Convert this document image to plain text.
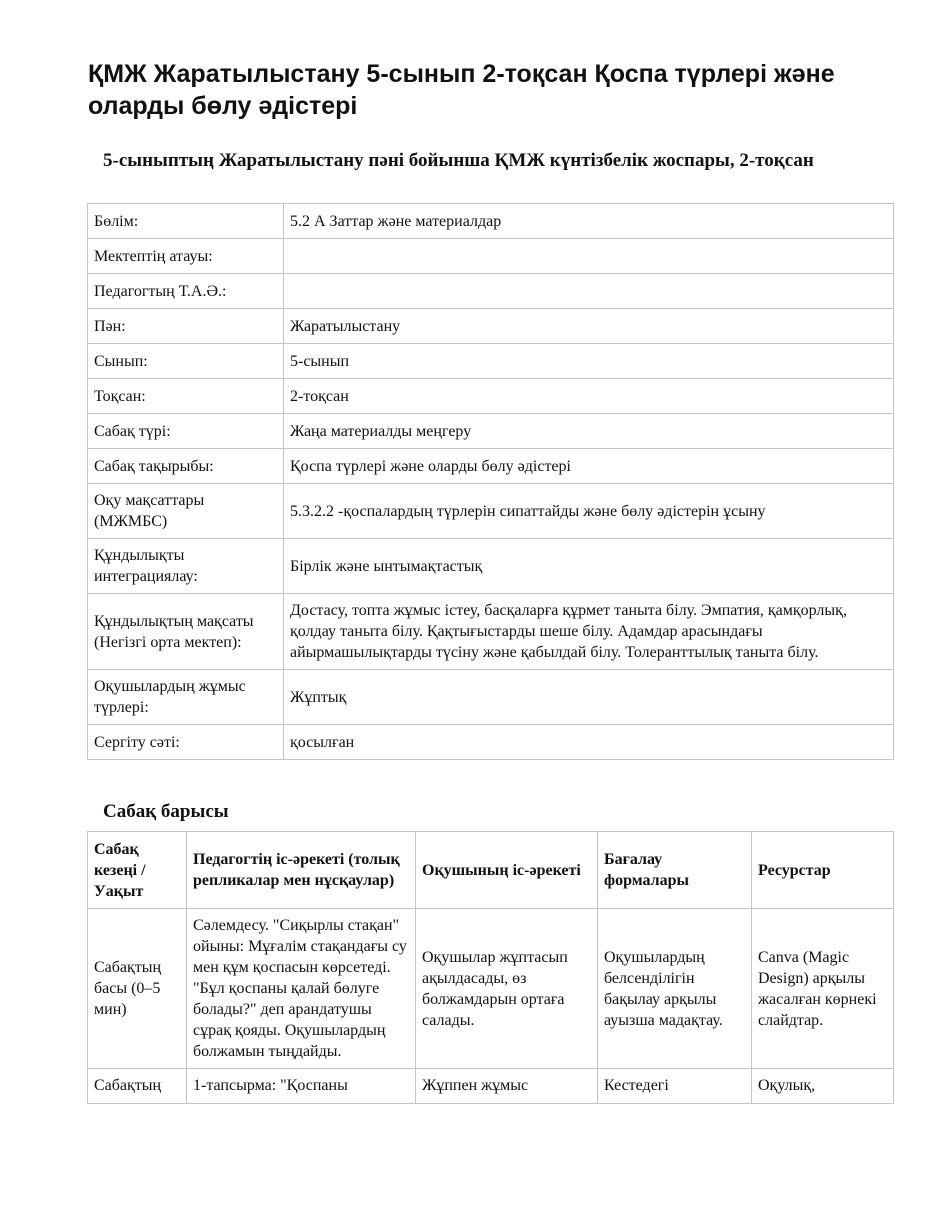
ҚМЖ Жаратылыстану 5-сынып 2-тоқсан Қоспа түрлері және оларды бөлу әдістері
5-сыныптың Жаратылыстану пәні бойынша ҚМЖ күнтізбелік жоспары, 2-тоқсан
Бөлім:	5.2 А Заттар және материалдар
Мектептің атауы:	
Педагогтың Т.А.Ә.:	
Пән:	Жаратылыстану
Сынып:	5-сынып
Тоқсан:	2-тоқсан
Сабақ түрі:	Жаңа материалды меңгеру
Сабақ тақырыбы:	Қоспа түрлері және оларды бөлу әдістері
Оқу мақсаттары (МЖМБС)	5.3.2.2 -қоспалардың түрлерін сипаттайды және бөлу әдістерін ұсыну
Құндылықты интеграциялау:	Бірлік және ынтымақтастық
Құндылықтың мақсаты (Негізгі орта мектеп):	Достасу, топта жұмыс істеу, басқаларға құрмет таныта білу. Эмпатия, қамқорлық, қолдау таныта білу. Қақтығыстарды шеше білу. Адамдар арасындағы айырмашылықтарды түсіну және қабылдай білу. Толеранттылық таныта білу.
Оқушылардың жұмыс түрлері:	Жұптық
Сергіту сәті:	қосылған
Сабақ барысы
Сабақ кезеңі / Уақыт	Педагогтің іс-әрекеті (толық репликалар мен нұсқаулар)	Оқушының іс-әрекеті	Бағалау формалары	Ресурстар
Сабақтың басы (0–5 мин)	Сәлемдесу. "Сиқырлы стақан" ойыны: Мұғалім стақандағы су мен құм қоспасын көрсетеді. "Бұл қоспаны қалай бөлуге болады?" деп арандатушы сұрақ қояды. Оқушылардың болжамын тыңдайды.	Оқушылар жұптасып ақылдасады, өз болжамдарын ортаға салады.	Оқушылардың белсенділігін бақылау арқылы ауызша мадақтау.	Canva (Magic Design) арқылы жасалған көрнекі слайдтар.
Сабақтың	1-тапсырма: "Қоспаны	Жұппен жұмыс	Кестедегі	Оқулық,
